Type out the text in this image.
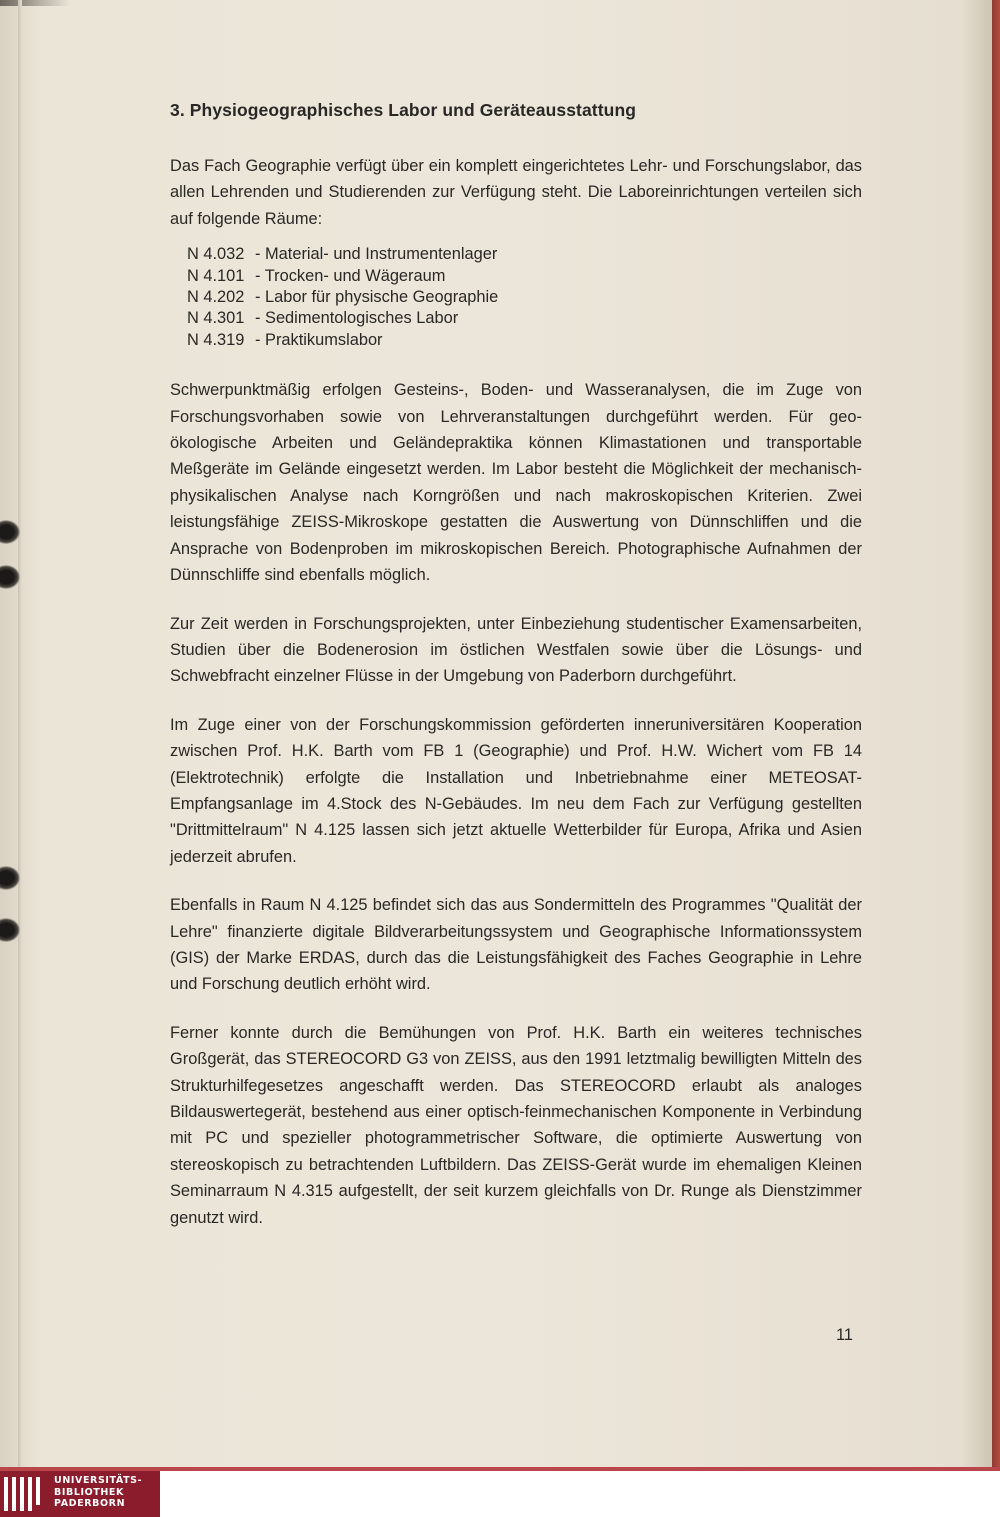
3. Physiogeographisches Labor und Geräteausstattung

Das Fach Geographie verfügt über ein komplett eingerichtetes Lehr- und Forschungslabor, das allen Lehrenden und Studierenden zur Verfügung steht. Die Laboreinrichtungen verteilen sich auf folgende Räume:

N 4.032 - Material- und Instrumentenlager
N 4.101 - Trocken- und Wägeraum
N 4.202 - Labor für physische Geographie
N 4.301 - Sedimentologisches Labor
N 4.319 - Praktikumslabor

Schwerpunktmäßig erfolgen Gesteins-, Boden- und Wasseranalysen, die im Zuge von Forschungsvorhaben sowie von Lehrveranstaltungen durchgeführt werden. Für geo-ökologische Arbeiten und Geländepraktika können Klimastationen und transportable Meßgeräte im Gelände eingesetzt werden. Im Labor besteht die Möglichkeit der mechanisch-physikalischen Analyse nach Korngrößen und nach makroskopischen Kriterien. Zwei leistungsfähige ZEISS-Mikroskope gestatten die Auswertung von Dünnschliffen und die Ansprache von Bodenproben im mikroskopischen Bereich. Photographische Aufnahmen der Dünnschliffe sind ebenfalls möglich.

Zur Zeit werden in Forschungsprojekten, unter Einbeziehung studentischer Examensarbeiten, Studien über die Bodenerosion im östlichen Westfalen sowie über die Lösungs- und Schwebfracht einzelner Flüsse in der Umgebung von Paderborn durchgeführt.

Im Zuge einer von der Forschungskommission geförderten inneruniversitären Kooperation zwischen Prof. H.K. Barth vom FB 1 (Geographie) und Prof. H.W. Wichert vom FB 14 (Elektrotechnik) erfolgte die Installation und Inbetriebnahme einer METEOSAT-Empfangsanlage im 4.Stock des N-Gebäudes. Im neu dem Fach zur Verfügung gestellten "Drittmittelraum" N 4.125 lassen sich jetzt aktuelle Wetterbilder für Europa, Afrika und Asien jederzeit abrufen.

Ebenfalls in Raum N 4.125 befindet sich das aus Sondermitteln des Programmes "Qualität der Lehre" finanzierte digitale Bildverarbeitungssystem und Geographische Informationssystem (GIS) der Marke ERDAS, durch das die Leistungsfähigkeit des Faches Geographie in Lehre und Forschung deutlich erhöht wird.

Ferner konnte durch die Bemühungen von Prof. H.K. Barth ein weiteres technisches Großgerät, das STEREOCORD G3 von ZEISS, aus den 1991 letztmalig bewilligten Mitteln des Strukturhilfegesetzes angeschafft werden. Das STEREOCORD erlaubt als analoges Bildauswertegerät, bestehend aus einer optisch-feinmechanischen Komponente in Verbindung mit PC und spezieller photogrammetrischer Software, die optimierte Auswertung von stereoskopisch zu betrachtenden Luftbildern. Das ZEISS-Gerät wurde im ehemaligen Kleinen Seminarraum N 4.315 aufgestellt, der seit kurzem gleichfalls von Dr. Runge als Dienstzimmer genutzt wird.

11
UNIVERSITÄTS-
BIBLIOTHEK
PADERBORN
